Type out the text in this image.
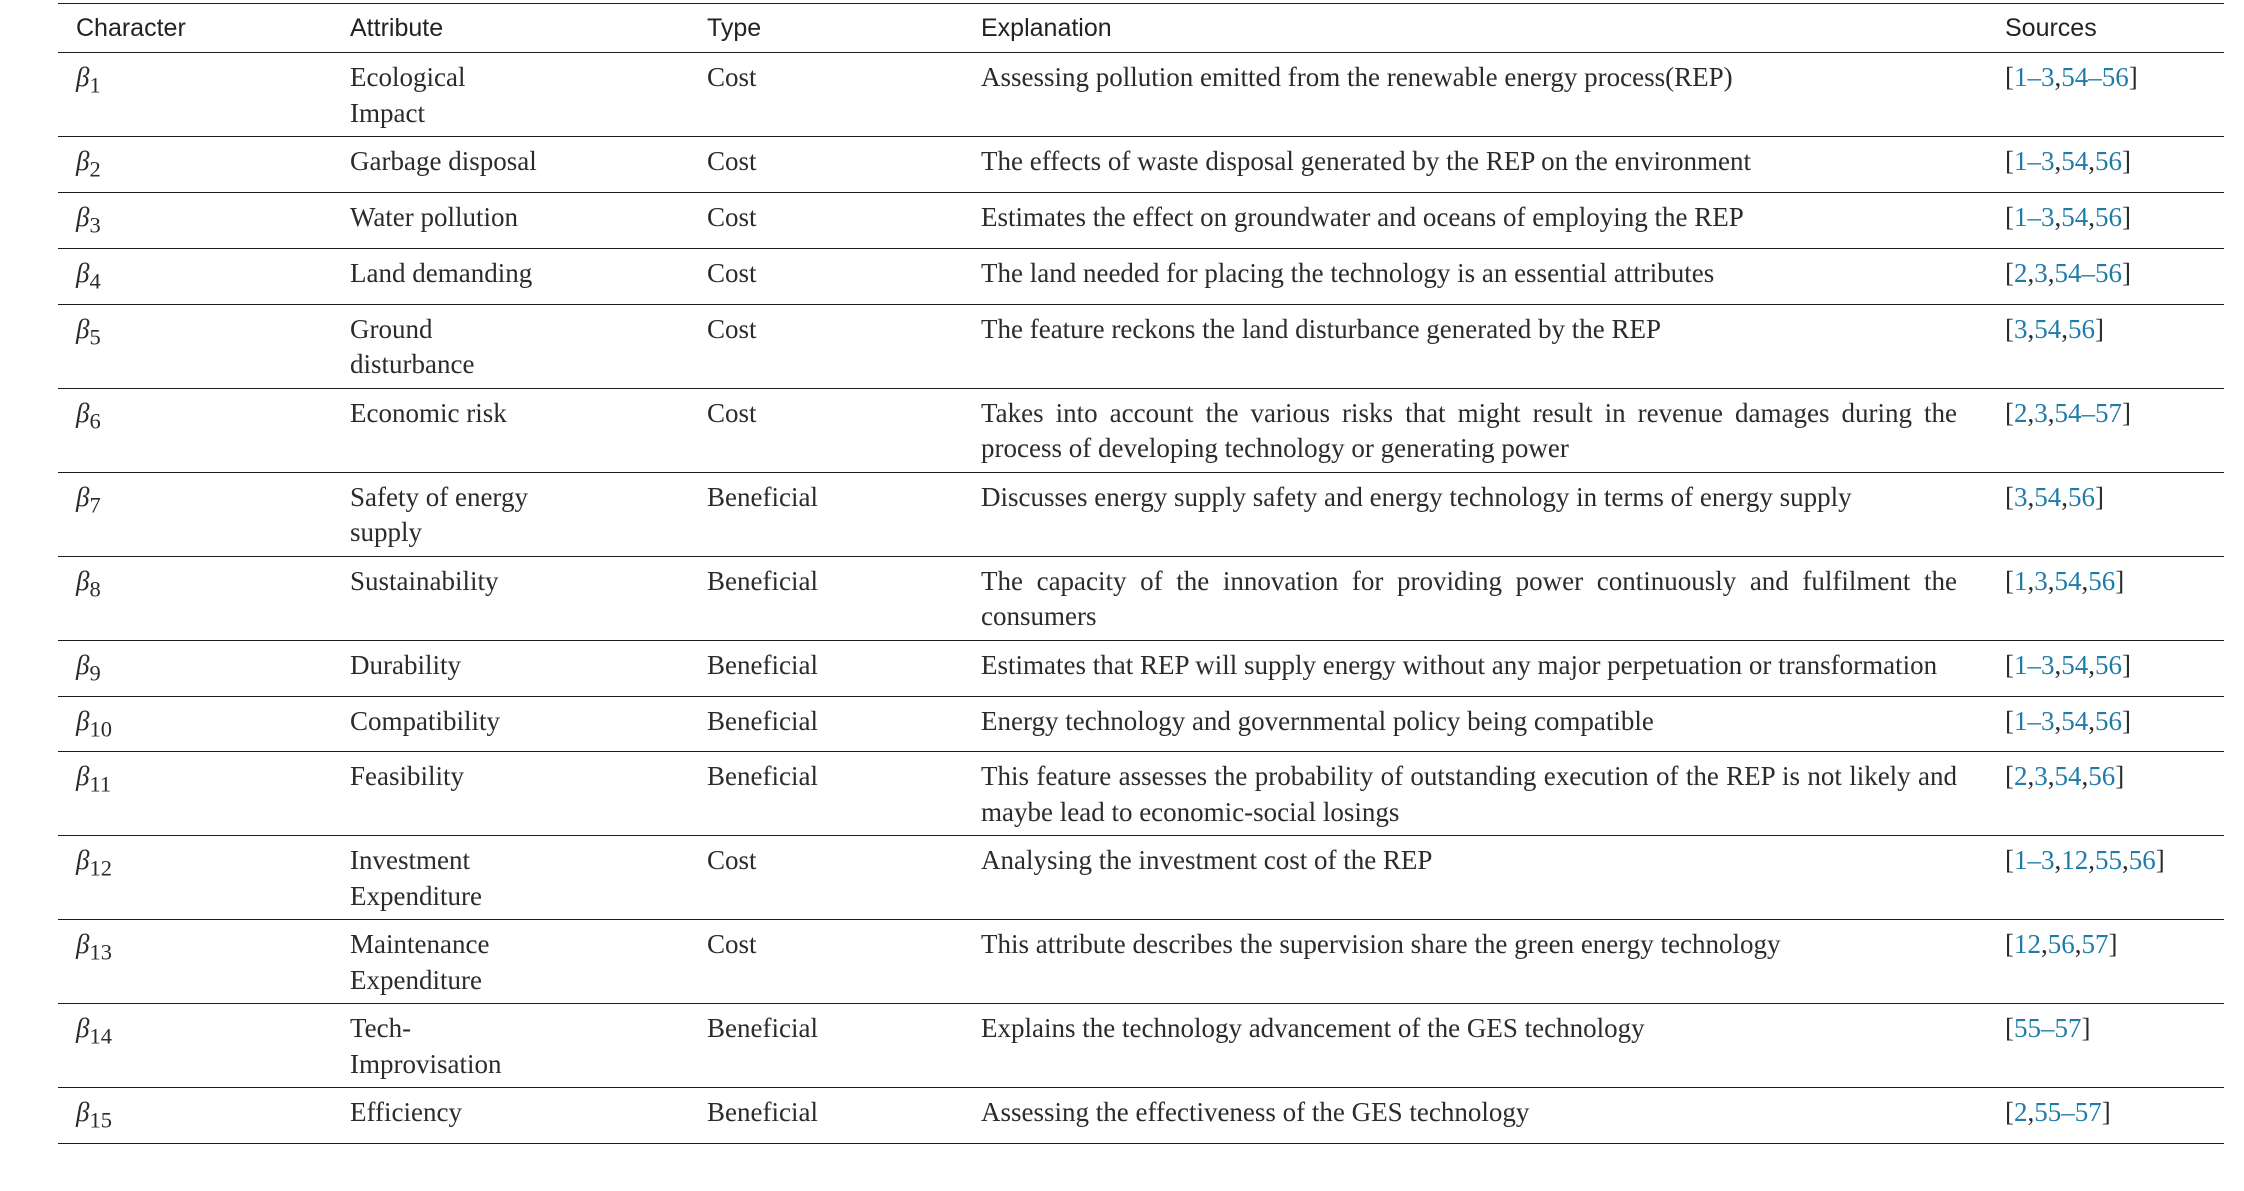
Character	Attribute	Type	Explanation	Sources
$\beta_1$	Ecological Impact	Cost	Assessing pollution emitted from the renewable energy process(REP)	[1–3,54–56]
$\beta_2$	Garbage disposal	Cost	The effects of waste disposal generated by the REP on the environment	[1–3,54,56]
$\beta_3$	Water pollution	Cost	Estimates the effect on groundwater and oceans of employing the REP	[1–3,54,56]
$\beta_4$	Land demanding	Cost	The land needed for placing the technology is an essential attributes	[2,3,54–56]
$\beta_5$	Ground disturbance	Cost	The feature reckons the land disturbance generated by the REP	[3,54,56]
$\beta_6$	Economic risk	Cost	Takes into account the various risks that might result in revenue damages during the process of developing technology or generating power	[2,3,54–57]
$\beta_7$	Safety of energy supply	Beneficial	Discusses energy supply safety and energy technology in terms of energy supply	[3,54,56]
$\beta_8$	Sustainability	Beneficial	The capacity of the innovation for providing power continuously and fulfilment the consumers	[1,3,54,56]
$\beta_9$	Durability	Beneficial	Estimates that REP will supply energy without any major perpetuation or transformation	[1–3,54,56]
$\beta_{10}$	Compatibility	Beneficial	Energy technology and governmental policy being compatible	[1–3,54,56]
$\beta_{11}$	Feasibility	Beneficial	This feature assesses the probability of outstanding execution of the REP is not likely and maybe lead to economic-social losings	[2,3,54,56]
$\beta_{12}$	Investment Expenditure	Cost	Analysing the investment cost of the REP	[1–3,12,55,56]
$\beta_{13}$	Maintenance Expenditure	Cost	This attribute describes the supervision share the green energy technology	[12,56,57]
$\beta_{14}$	Tech-Improvisation	Beneficial	Explains the technology advancement of the GES technology	[55–57]
$\beta_{15}$	Efficiency	Beneficial	Assessing the effectiveness of the GES technology	[2,55–57]
